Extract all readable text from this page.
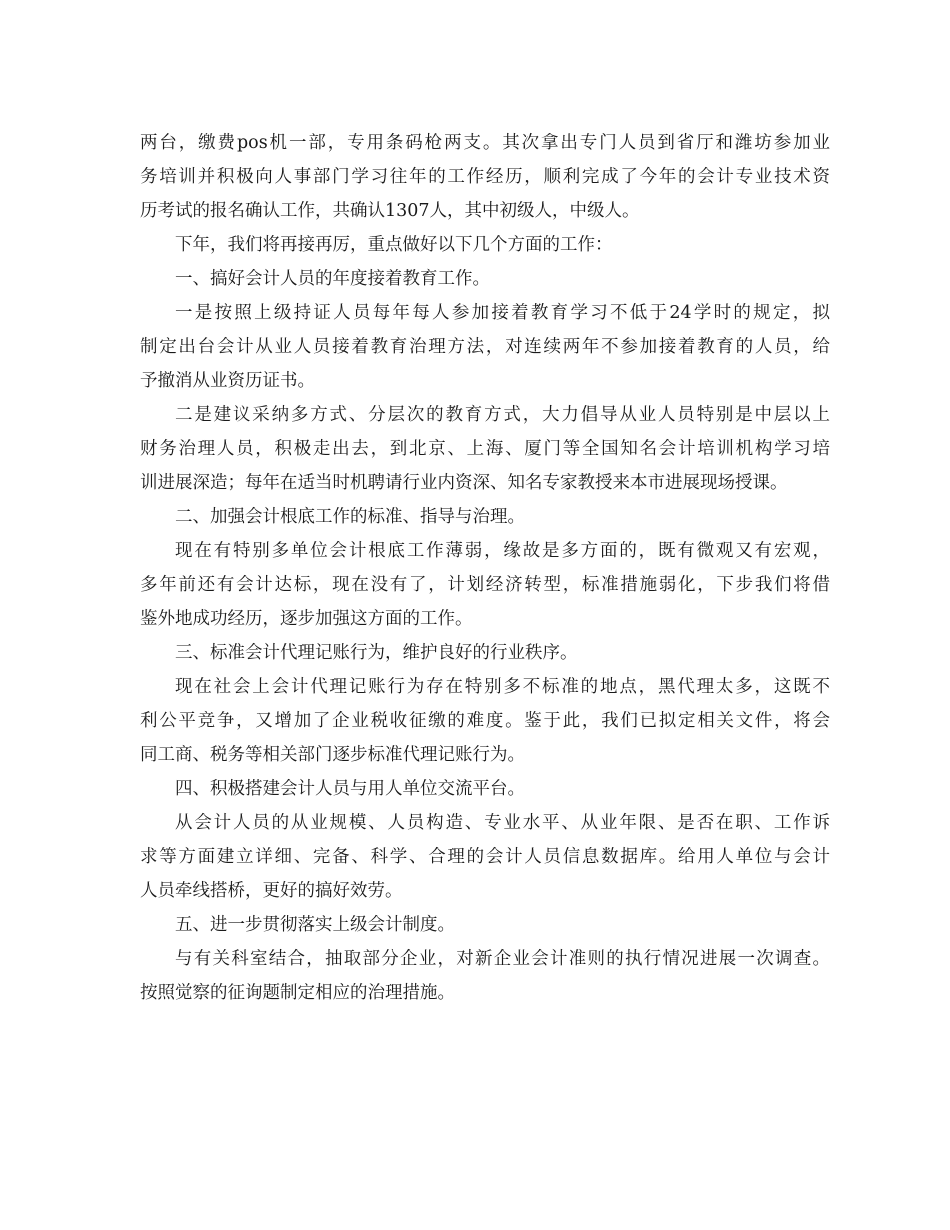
两台，缴费pos机一部，专用条码枪两支。其次拿出专门人员到省厅和潍坊参加业
务培训并积极向人事部门学习往年的工作经历，顺利完成了今年的会计专业技术资
历考试的报名确认工作，共确认1307人，其中初级人，中级人。
下年，我们将再接再厉，重点做好以下几个方面的工作：
一、搞好会计人员的年度接着教育工作。
一是按照上级持证人员每年每人参加接着教育学习不低于24学时的规定，拟
制定出台会计从业人员接着教育治理方法，对连续两年不参加接着教育的人员，给
予撤消从业资历证书。
二是建议采纳多方式、分层次的教育方式，大力倡导从业人员特别是中层以上
财务治理人员，积极走出去，到北京、上海、厦门等全国知名会计培训机构学习培
训进展深造；每年在适当时机聘请行业内资深、知名专家教授来本市进展现场授课。
二、加强会计根底工作的标准、指导与治理。
现在有特别多单位会计根底工作薄弱，缘故是多方面的，既有微观又有宏观，
多年前还有会计达标，现在没有了，计划经济转型，标准措施弱化，下步我们将借
鉴外地成功经历，逐步加强这方面的工作。
三、标准会计代理记账行为，维护良好的行业秩序。
现在社会上会计代理记账行为存在特别多不标准的地点，黑代理太多，这既不
利公平竞争，又增加了企业税收征缴的难度。鉴于此，我们已拟定相关文件，将会
同工商、税务等相关部门逐步标准代理记账行为。
四、积极搭建会计人员与用人单位交流平台。
从会计人员的从业规模、人员构造、专业水平、从业年限、是否在职、工作诉
求等方面建立详细、完备、科学、合理的会计人员信息数据库。给用人单位与会计
人员牵线搭桥，更好的搞好效劳。
五、进一步贯彻落实上级会计制度。
与有关科室结合，抽取部分企业，对新企业会计准则的执行情况进展一次调查。
按照觉察的征询题制定相应的治理措施。
